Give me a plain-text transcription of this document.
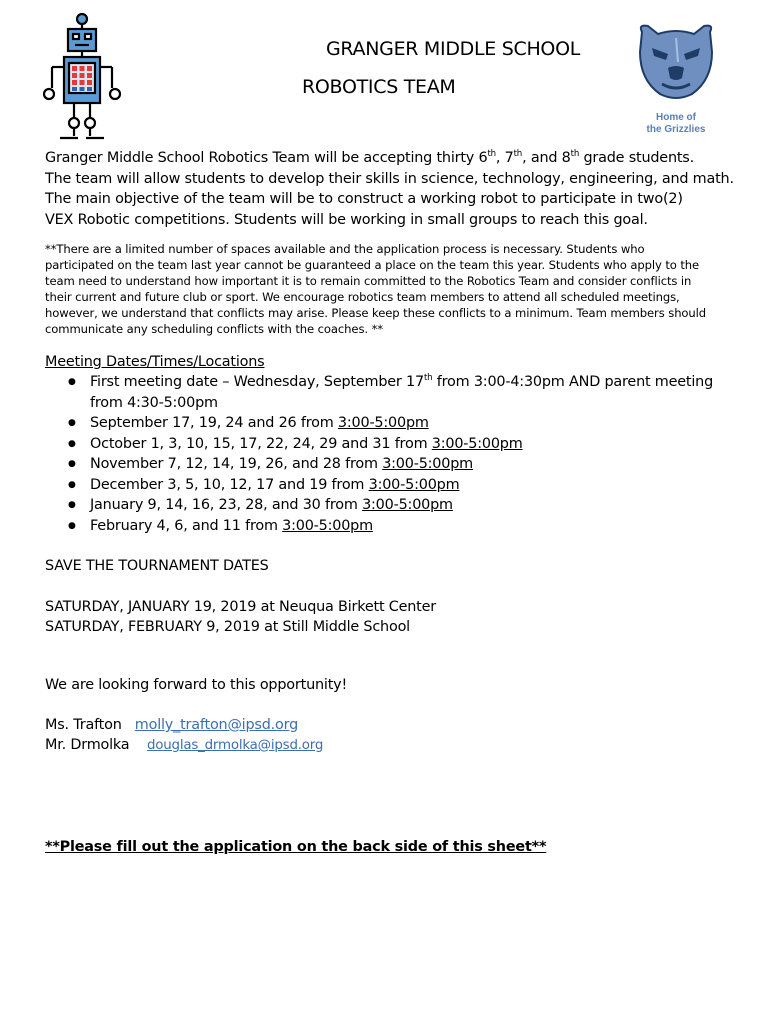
GRANGER MIDDLE SCHOOL
ROBOTICS TEAM
Home of
the Grizzlies
Granger Middle School Robotics Team will be accepting thirty 6th, 7th, and 8th grade students.
The team will allow students to develop their skills in science, technology, engineering, and math.
The main objective of the team will be to construct a working robot to participate in two(2)
VEX Robotic competitions. Students will be working in small groups to reach this goal.
**There are a limited number of spaces available and the application process is necessary. Students who
participated on the team last year cannot be guaranteed a place on the team this year. Students who apply to the
team need to understand how important it is to remain committed to the Robotics Team and consider conflicts in
their current and future club or sport. We encourage robotics team members to attend all scheduled meetings,
however, we understand that conflicts may arise. Please keep these conflicts to a minimum. Team members should
communicate any scheduling conflicts with the coaches. **
Meeting Dates/Times/Locations
● First meeting date – Wednesday, September 17th from 3:00-4:30pm AND parent meeting
from 4:30-5:00pm
● September 17, 19, 24 and 26 from 3:00-5:00pm
● October 1, 3, 10, 15, 17, 22, 24, 29 and 31 from 3:00-5:00pm
● November 7, 12, 14, 19, 26, and 28 from 3:00-5:00pm
● December 3, 5, 10, 12, 17 and 19 from 3:00-5:00pm
● January 9, 14, 16, 23, 28, and 30 from 3:00-5:00pm
● February 4, 6, and 11 from 3:00-5:00pm
SAVE THE TOURNAMENT DATES
SATURDAY, JANUARY 19, 2019 at Neuqua Birkett Center
SATURDAY, FEBRUARY 9, 2019 at Still Middle School
We are looking forward to this opportunity!
Ms. Trafton molly_trafton@ipsd.org
Mr. Drmolka douglas_drmolka@ipsd.org
**Please fill out the application on the back side of this sheet**
